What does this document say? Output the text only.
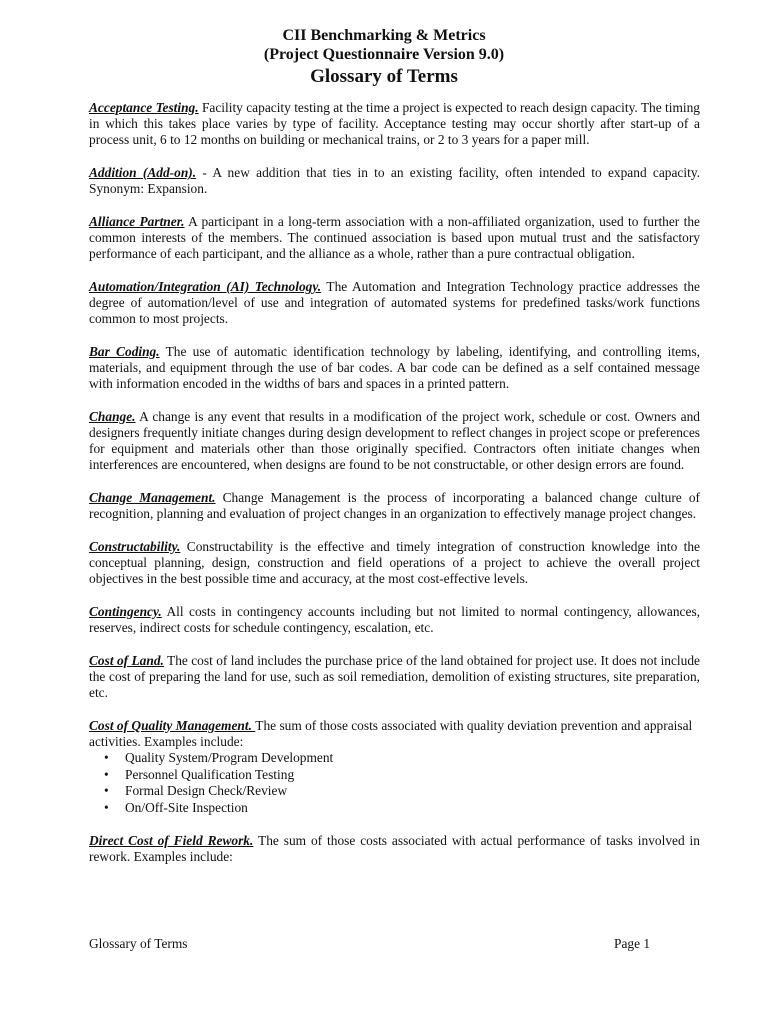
CII Benchmarking & Metrics
(Project Questionnaire Version 9.0)
Glossary of Terms

Acceptance Testing. Facility capacity testing at the time a project is expected to reach design capacity. The timing in which this takes place varies by type of facility. Acceptance testing may occur shortly after start-up of a process unit, 6 to 12 months on building or mechanical trains, or 2 to 3 years for a paper mill.

Addition (Add-on). - A new addition that ties in to an existing facility, often intended to expand capacity. Synonym: Expansion.

Alliance Partner. A participant in a long-term association with a non-affiliated organization, used to further the common interests of the members. The continued association is based upon mutual trust and the satisfactory performance of each participant, and the alliance as a whole, rather than a pure contractual obligation.

Automation/Integration (AI) Technology. The Automation and Integration Technology practice addresses the degree of automation/level of use and integration of automated systems for predefined tasks/work functions common to most projects.

Bar Coding. The use of automatic identification technology by labeling, identifying, and controlling items, materials, and equipment through the use of bar codes. A bar code can be defined as a self contained message with information encoded in the widths of bars and spaces in a printed pattern.

Change. A change is any event that results in a modification of the project work, schedule or cost. Owners and designers frequently initiate changes during design development to reflect changes in project scope or preferences for equipment and materials other than those originally specified. Contractors often initiate changes when interferences are encountered, when designs are found to be not constructable, or other design errors are found.

Change Management. Change Management is the process of incorporating a balanced change culture of recognition, planning and evaluation of project changes in an organization to effectively manage project changes.

Constructability. Constructability is the effective and timely integration of construction knowledge into the conceptual planning, design, construction and field operations of a project to achieve the overall project objectives in the best possible time and accuracy, at the most cost-effective levels.

Contingency. All costs in contingency accounts including but not limited to normal contingency, allowances, reserves, indirect costs for schedule contingency, escalation, etc.

Cost of Land. The cost of land includes the purchase price of the land obtained for project use. It does not include the cost of preparing the land for use, such as soil remediation, demolition of existing structures, site preparation, etc.

Cost of Quality Management. The sum of those costs associated with quality deviation prevention and appraisal activities. Examples include:
• Quality System/Program Development
• Personnel Qualification Testing
• Formal Design Check/Review
• On/Off-Site Inspection

Direct Cost of Field Rework. The sum of those costs associated with actual performance of tasks involved in rework. Examples include:

Glossary of Terms	Page 1
